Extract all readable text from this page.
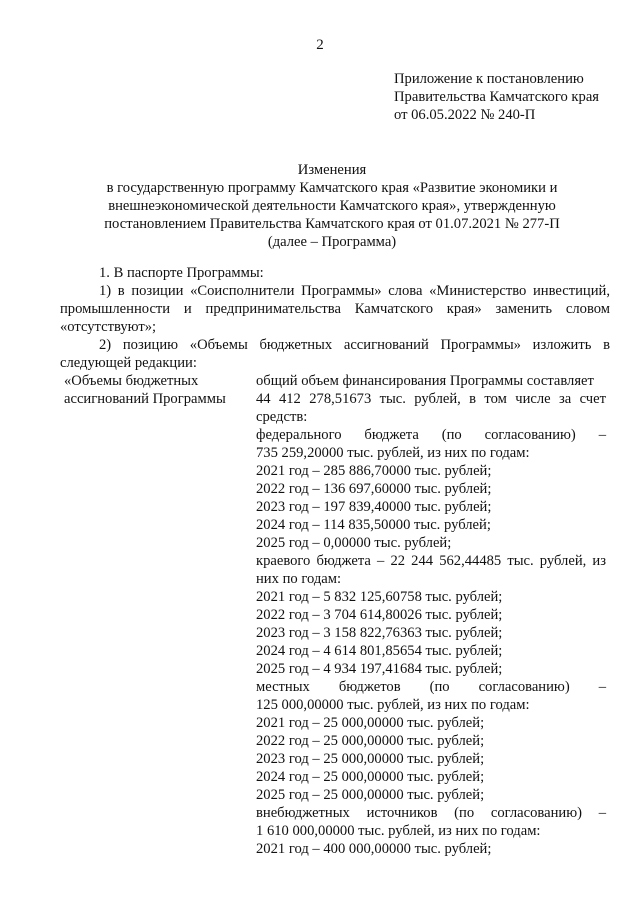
2
Приложение к постановлению
Правительства Камчатского края
от 06.05.2022 № 240-П
Изменения
в государственную программу Камчатского края «Развитие экономики и
внешнеэкономической деятельности Камчатского края», утвержденную
постановлением Правительства Камчатского края от 01.07.2021 № 277-П
(далее – Программа)
1. В паспорте Программы:
1) в позиции «Соисполнители Программы» слова «Министерство инвестиций,
промышленности и предпринимательства Камчатского края» заменить словом
«отсутствуют»;
2) позицию «Объемы бюджетных ассигнований Программы» изложить в
следующей редакции:
«Объемы бюджетных
ассигнований Программы
общий объем финансирования Программы составляет
44 412 278,51673 тыс. рублей, в том числе за счет
средств:
федерального бюджета (по согласованию) –
735 259,20000 тыс. рублей, из них по годам:
2021 год – 285 886,70000 тыс. рублей;
2022 год – 136 697,60000 тыс. рублей;
2023 год – 197 839,40000 тыс. рублей;
2024 год – 114 835,50000 тыс. рублей;
2025 год – 0,00000 тыс. рублей;
краевого бюджета – 22 244 562,44485 тыс. рублей, из
них по годам:
2021 год – 5 832 125,60758 тыс. рублей;
2022 год – 3 704 614,80026 тыс. рублей;
2023 год – 3 158 822,76363 тыс. рублей;
2024 год – 4 614 801,85654 тыс. рублей;
2025 год – 4 934 197,41684 тыс. рублей;
местных бюджетов (по согласованию) –
125 000,00000 тыс. рублей, из них по годам:
2021 год – 25 000,00000 тыс. рублей;
2022 год – 25 000,00000 тыс. рублей;
2023 год – 25 000,00000 тыс. рублей;
2024 год – 25 000,00000 тыс. рублей;
2025 год – 25 000,00000 тыс. рублей;
внебюджетных источников (по согласованию) –
1 610 000,00000 тыс. рублей, из них по годам:
2021 год – 400 000,00000 тыс. рублей;
